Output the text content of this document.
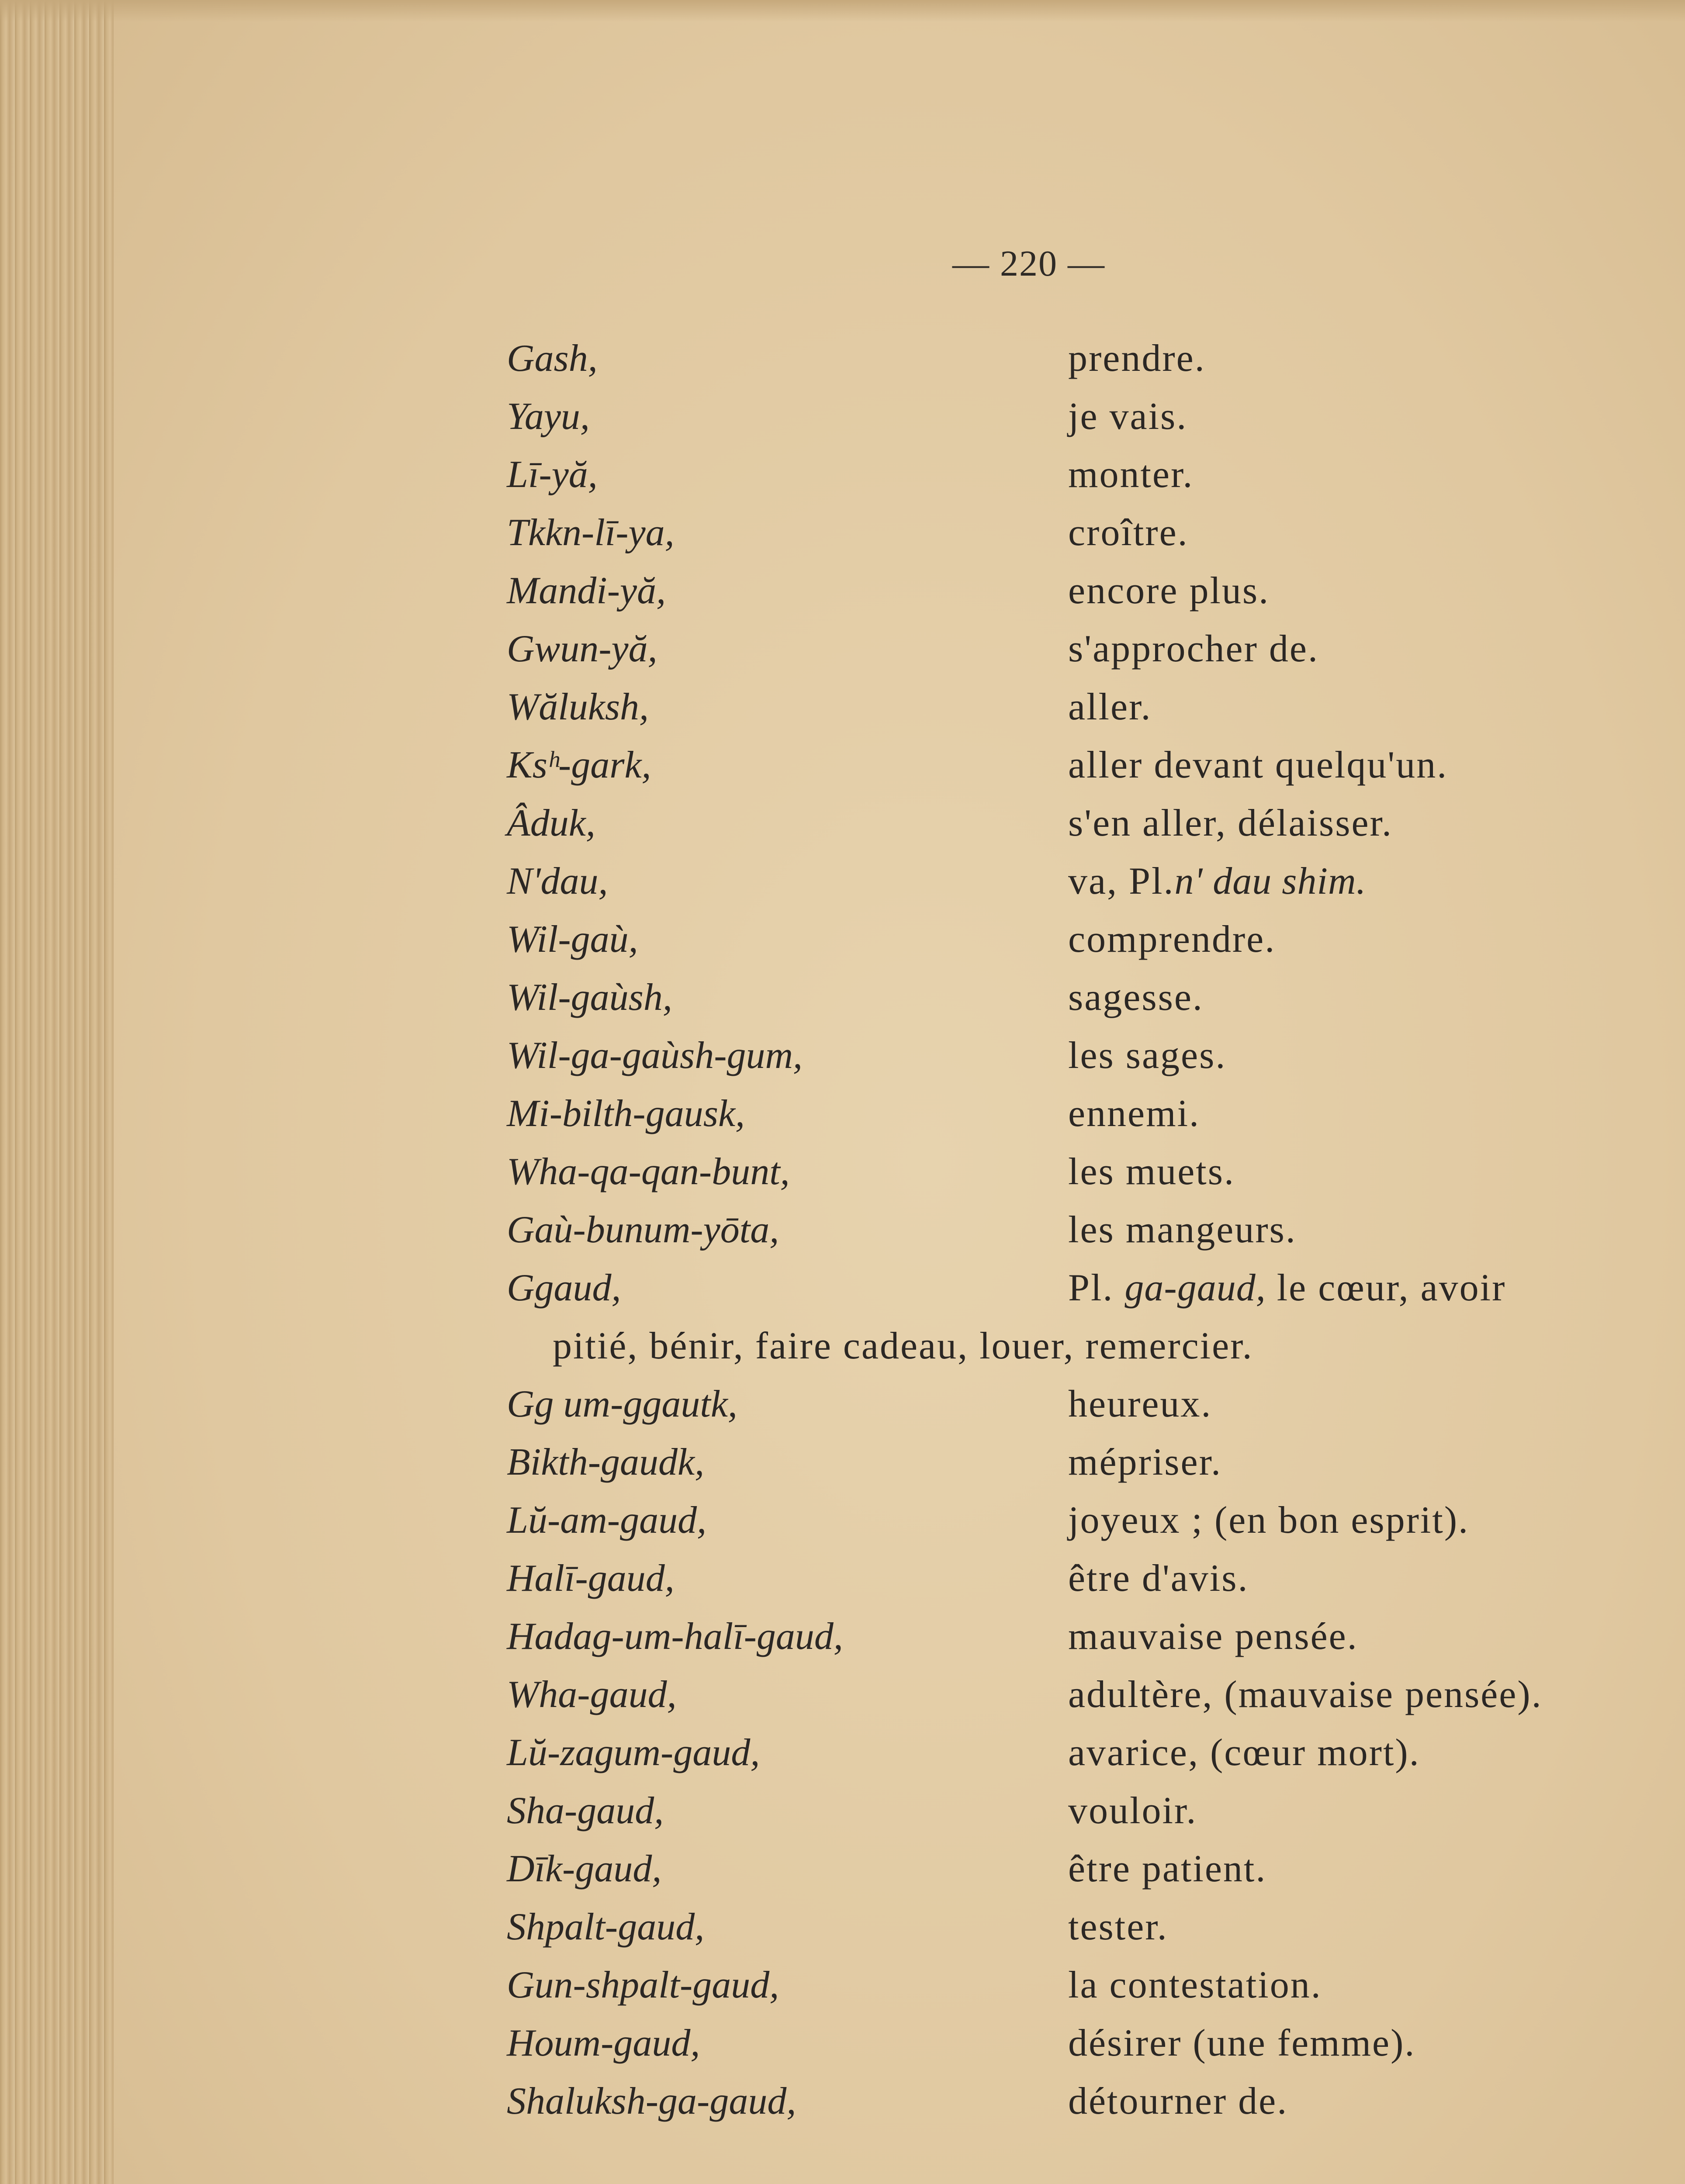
— 220 —
Gash,	prendre.
Yayu,	je vais.
Lī-yă,	monter.
Tkkn-lī-ya,	croître.
Mandi-yă,	encore plus.
Gwun-yă,	s'approcher de.
Wăluksh,	aller.
Ksʰ-gark,	aller devant quelqu'un.
Âduk,	s'en aller, délaisser.
N'dau,	va, Pl.n' dau shim.
Wil-gaù,	comprendre.
Wil-gaùsh,	sagesse.
Wil-ga-gaùsh-gum,	les sages.
Mi-bilth-gausk,	ennemi.
Wha-qa-qan-bunt,	les muets.
Gaù-bunum-yōta,	les mangeurs.
Ggaud,	Pl. ga-gaud, le cœur, avoir
pitié, bénir, faire cadeau, louer, remercier.
Gg um-ggautk,	heureux.
Bikth-gaudk,	mépriser.
Lŭ-am-gaud,	joyeux ; (en bon esprit).
Halī-gaud,	être d'avis.
Hadag-um-halī-gaud,	mauvaise pensée.
Wha-gaud,	adultère, (mauvaise pensée).
Lŭ-zagum-gaud,	avarice, (cœur mort).
Sha-gaud,	vouloir.
Dīk-gaud,	être patient.
Shpalt-gaud,	tester.
Gun-shpalt-gaud,	la contestation.
Houm-gaud,	désirer (une femme).
Shaluksh-ga-gaud,	détourner de.
